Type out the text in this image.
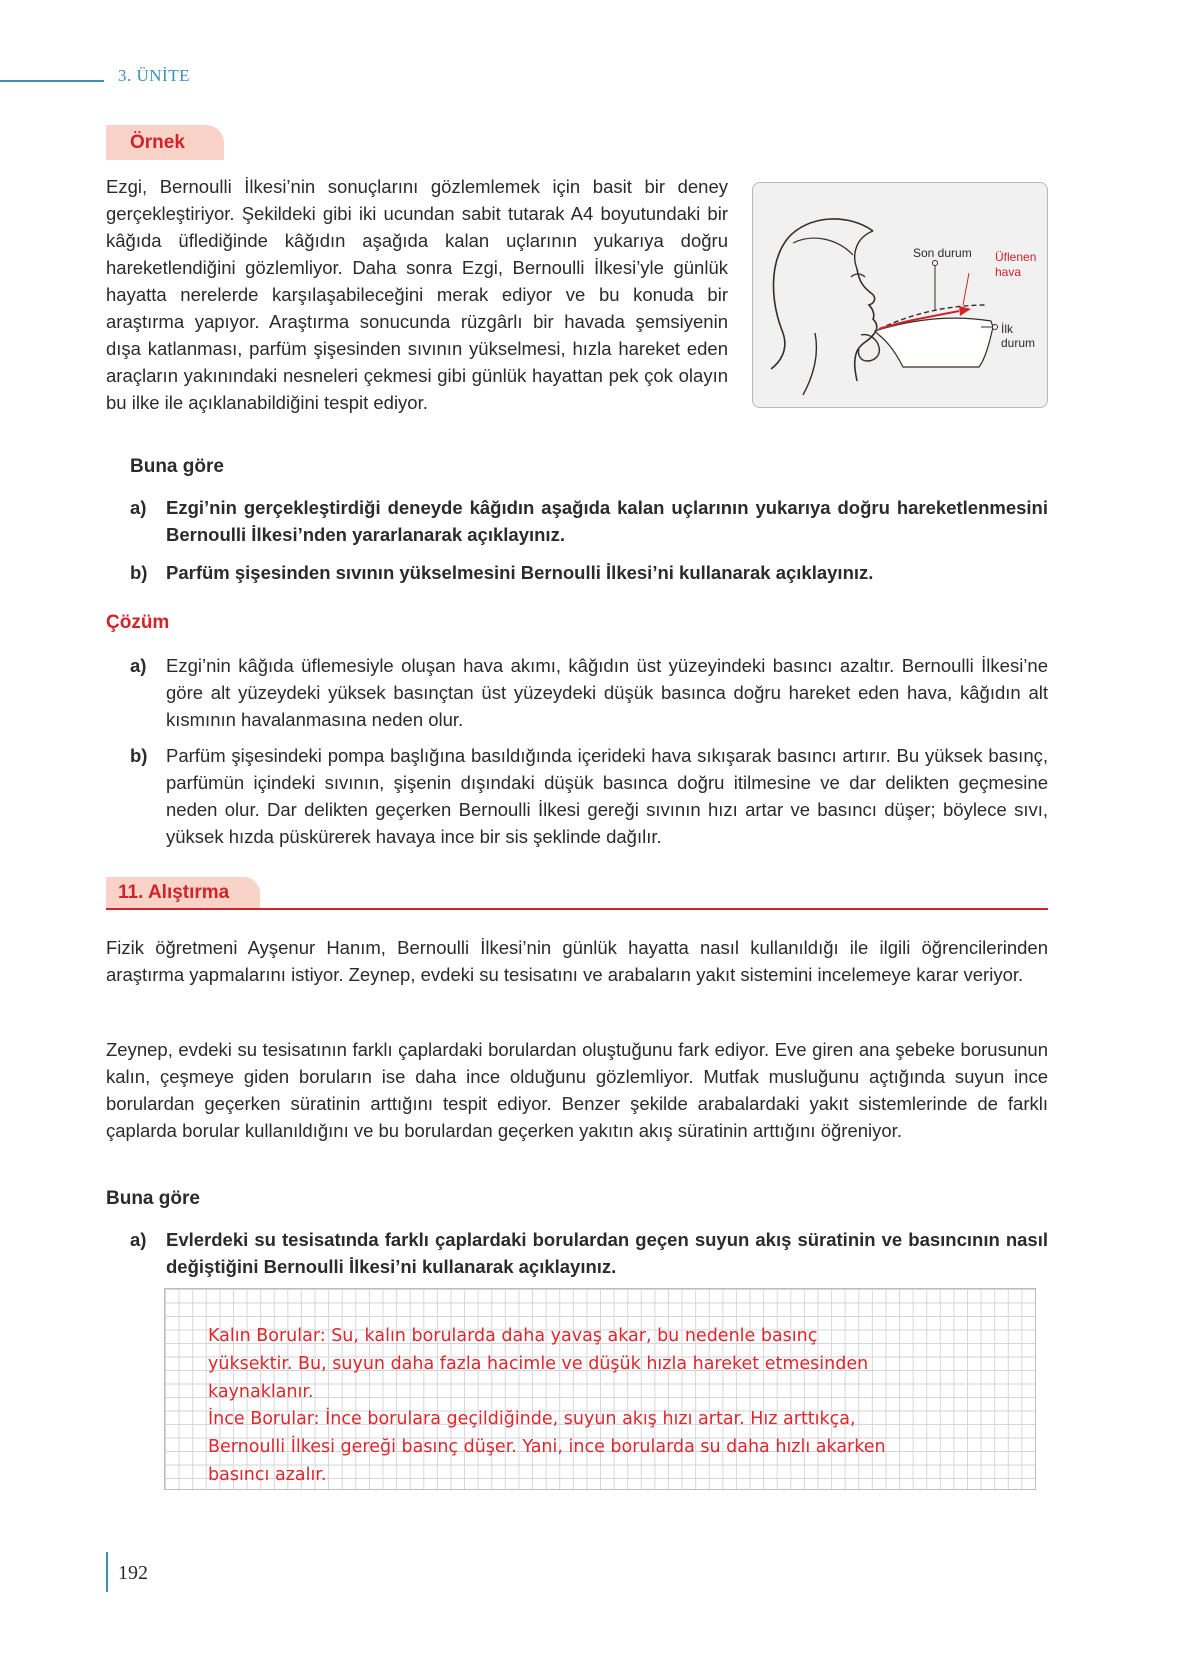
3. ÜNİTE
Örnek
Ezgi, Bernoulli İlkesi’nin sonuçlarını gözlemlemek için basit bir deney gerçekleştiriyor. Şekildeki gibi iki ucundan sabit tutarak A4 boyutundaki bir kâğıda üflediğinde kâğıdın aşağıda kalan uçlarının yukarıya doğru hareketlendiğini gözlemliyor. Daha sonra Ezgi, Bernoulli İlkesi’yle günlük hayatta nerelerde karşılaşabileceğini merak ediyor ve bu konuda bir araştırma yapıyor. Araştırma sonucunda rüzgârlı bir havada şemsiyenin dışa katlanması, parfüm şişesinden sıvının yükselmesi, hızla hareket eden araçların yakınındaki nesneleri çekmesi gibi günlük hayattan pek çok olayın bu ilke ile açıklanabildiğini tespit ediyor.
Son durum Üflenen
hava
İlk
durum
Buna göre
a)	Ezgi’nin gerçekleştirdiği deneyde kâğıdın aşağıda kalan uçlarının yukarıya doğru hareketlenmesini Bernoulli İlkesi’nden yararlanarak açıklayınız.
b)	Parfüm şişesinden sıvının yükselmesini Bernoulli İlkesi’ni kullanarak açıklayınız.
Çözüm
a)	Ezgi’nin kâğıda üflemesiyle oluşan hava akımı, kâğıdın üst yüzeyindeki basıncı azaltır. Bernoulli İlkesi’ne göre alt yüzeydeki yüksek basınçtan üst yüzeydeki düşük basınca doğru hareket eden hava, kâğıdın alt kısmının havalanmasına neden olur.
b)	Parfüm şişesindeki pompa başlığına basıldığında içerideki hava sıkışarak basıncı artırır. Bu yüksek basınç, parfümün içindeki sıvının, şişenin dışındaki düşük basınca doğru itilmesine ve dar delikten geçmesine neden olur. Dar delikten geçerken Bernoulli İlkesi gereği sıvının hızı artar ve basıncı düşer; böylece sıvı, yüksek hızda püskürerek havaya ince bir sis şeklinde dağılır.
11. Alıştırma
Fizik öğretmeni Ayşenur Hanım, Bernoulli İlkesi’nin günlük hayatta nasıl kullanıldığı ile ilgili öğrencilerinden araştırma yapmalarını istiyor. Zeynep, evdeki su tesisatını ve arabaların yakıt sistemini incelemeye karar veriyor.
Zeynep, evdeki su tesisatının farklı çaplardaki borulardan oluştuğunu fark ediyor. Eve giren ana şebeke borusunun kalın, çeşmeye giden boruların ise daha ince olduğunu gözlemliyor. Mutfak musluğunu açtığında suyun ince borulardan geçerken süratinin arttığını tespit ediyor. Benzer şekilde arabalardaki yakıt sistemlerinde de farklı çaplarda borular kullanıldığını ve bu borulardan geçerken yakıtın akış süratinin arttığını öğreniyor.
Buna göre
a)	Evlerdeki su tesisatında farklı çaplardaki borulardan geçen suyun akış süratinin ve basıncının nasıl değiştiğini Bernoulli İlkesi’ni kullanarak açıklayınız.
Kalın Borular: Su, kalın borularda daha yavaş akar, bu nedenle basınç
yüksektir. Bu, suyun daha fazla hacimle ve düşük hızla hareket etmesinden
kaynaklanır.
İnce Borular: İnce borulara geçildiğinde, suyun akış hızı artar. Hız arttıkça,
Bernoulli İlkesi gereği basınç düşer. Yani, ince borularda su daha hızlı akarken
basıncı azalır.
192
